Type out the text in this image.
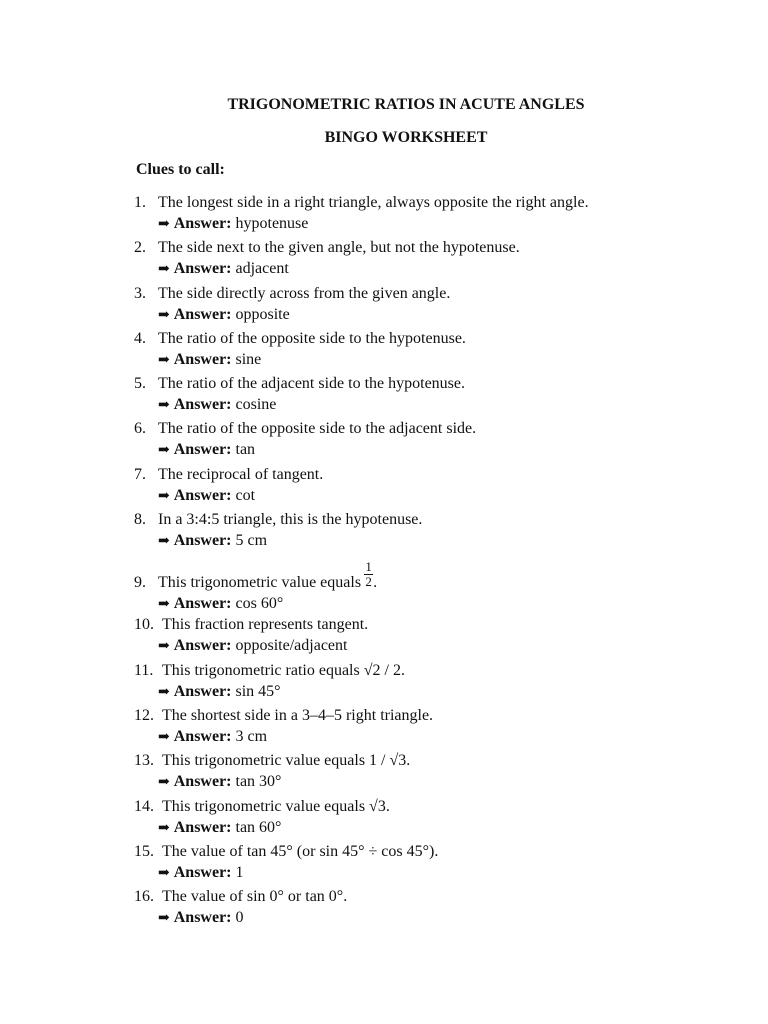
TRIGONOMETRIC RATIOS IN ACUTE ANGLES
BINGO WORKSHEET
Clues to call:
1. The longest side in a right triangle, always opposite the right angle.
➡ Answer: hypotenuse
2. The side next to the given angle, but not the hypotenuse.
➡ Answer: adjacent
3. The side directly across from the given angle.
➡ Answer: opposite
4. The ratio of the opposite side to the hypotenuse.
➡ Answer: sine
5. The ratio of the adjacent side to the hypotenuse.
➡ Answer: cosine
6. The ratio of the opposite side to the adjacent side.
➡ Answer: tan
7. The reciprocal of tangent.
➡ Answer: cot
8. In a 3:4:5 triangle, this is the hypotenuse.
➡ Answer: 5 cm
9. This trigonometric value equals $\frac{1}{2}$ .
➡ Answer: cos 60°
10. This fraction represents tangent.
➡ Answer: opposite/adjacent
11. This trigonometric ratio equals √2 / 2.
➡ Answer: sin 45°
12. The shortest side in a 3–4–5 right triangle.
➡ Answer: 3 cm
13. This trigonometric value equals 1 / √3.
➡ Answer: tan 30°
14. This trigonometric value equals √3.
➡ Answer: tan 60°
15. The value of tan 45° (or sin 45° ÷ cos 45°).
➡ Answer: 1
16. The value of sin 0° or tan 0°.
➡ Answer: 0
